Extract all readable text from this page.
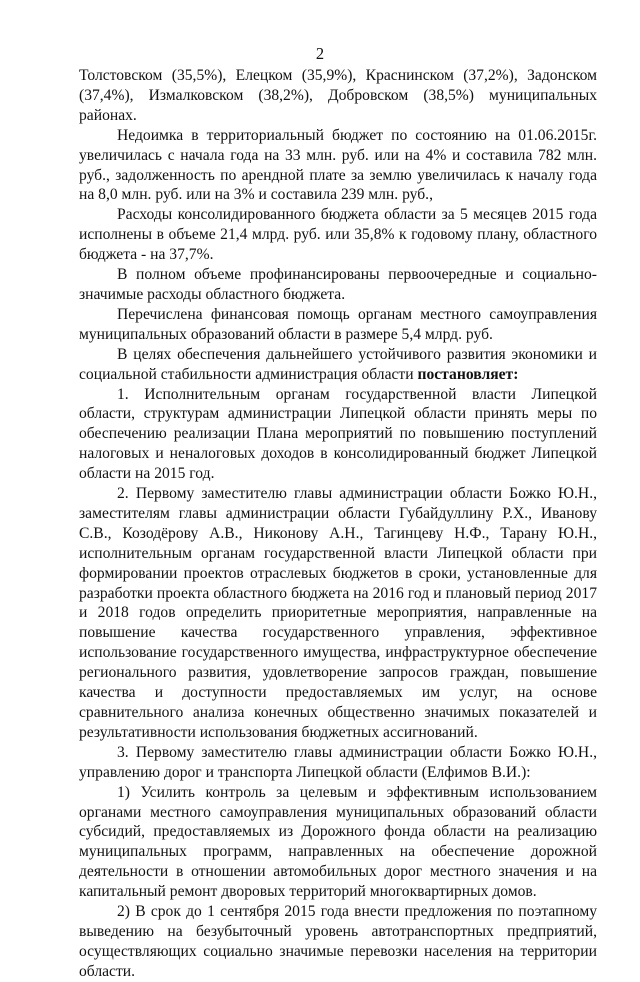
2

Толстовском (35,5%), Елецком (35,9%), Краснинском (37,2%), Задонском (37,4%), Измалковском (38,2%), Добровском (38,5%) муниципальных районах.

Недоимка в территориальный бюджет по состоянию на 01.06.2015г. увеличилась с начала года на 33 млн. руб. или на 4% и составила 782 млн. руб., задолженность по арендной плате за землю увеличилась к началу года на 8,0 млн. руб. или на 3% и составила 239 млн. руб.,

Расходы консолидированного бюджета области за 5 месяцев 2015 года исполнены в объеме 21,4 млрд. руб. или 35,8% к годовому плану, областного бюджета - на 37,7%.

В полном объеме профинансированы первоочередные и социально-значимые расходы областного бюджета.

Перечислена финансовая помощь органам местного самоуправления муниципальных образований области в размере 5,4 млрд. руб.

В целях обеспечения дальнейшего устойчивого развития экономики и социальной стабильности администрация области постановляет:

1. Исполнительным органам государственной власти Липецкой области, структурам администрации Липецкой области принять меры по обеспечению реализации Плана мероприятий по повышению поступлений налоговых и неналоговых доходов в консолидированный бюджет Липецкой области на 2015 год.

2. Первому заместителю главы администрации области Божко Ю.Н., заместителям главы администрации области Губайдуллину Р.Х., Иванову С.В., Козодёрову А.В., Никонову А.Н., Тагинцеву Н.Ф., Тарану Ю.Н., исполнительным органам государственной власти Липецкой области при формировании проектов отраслевых бюджетов в сроки, установленные для разработки проекта областного бюджета на 2016 год и плановый период 2017 и 2018 годов определить приоритетные мероприятия, направленные на повышение качества государственного управления, эффективное использование государственного имущества, инфраструктурное обеспечение регионального развития, удовлетворение запросов граждан, повышение качества и доступности предоставляемых им услуг, на основе сравнительного анализа конечных общественно значимых показателей и результативности использования бюджетных ассигнований.

3. Первому заместителю главы администрации области Божко Ю.Н., управлению дорог и транспорта Липецкой области (Елфимов В.И.):

1) Усилить контроль за целевым и эффективным использованием органами местного самоуправления муниципальных образований области субсидий, предоставляемых из Дорожного фонда области на реализацию муниципальных программ, направленных на обеспечение дорожной деятельности в отношении автомобильных дорог местного значения и на капитальный ремонт дворовых территорий многоквартирных домов.

2) В срок до 1 сентября 2015 года внести предложения по поэтапному выведению на безубыточный уровень автотранспортных предприятий, осуществляющих социально значимые перевозки населения на территории области.
